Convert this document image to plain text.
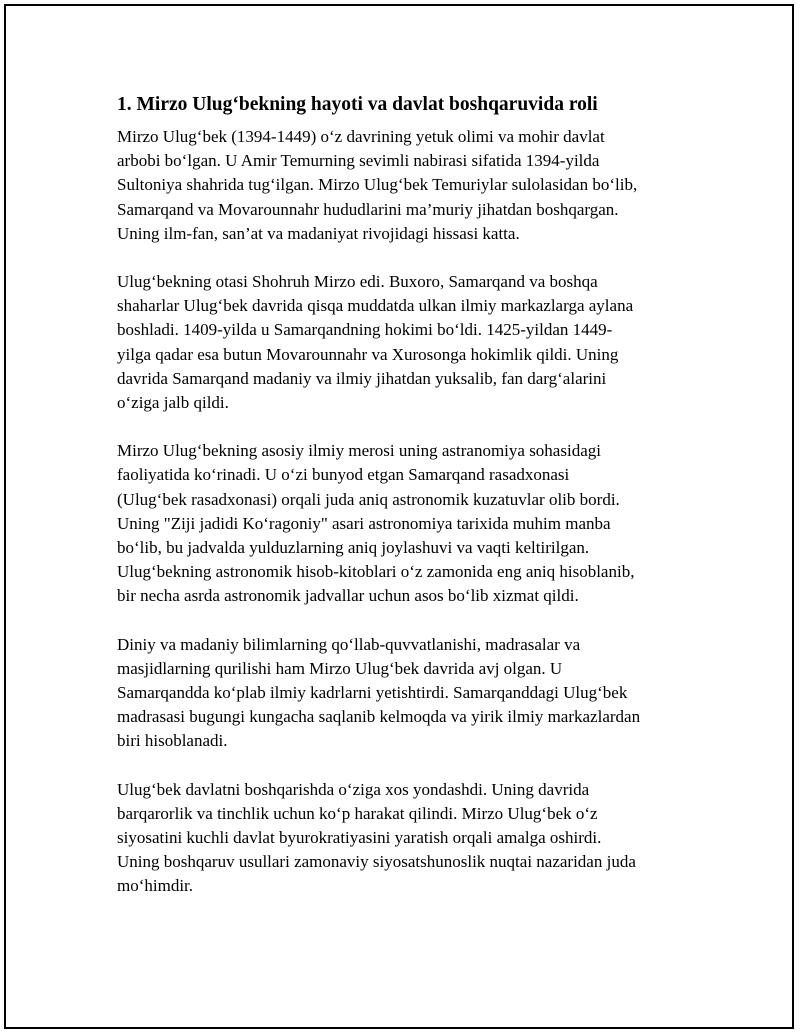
1. Mirzo Ulug‘bekning hayoti va davlat boshqaruvida roli

Mirzo Ulug‘bek (1394-1449) o‘z davrining yetuk olimi va mohir davlat
arbobi bo‘lgan. U Amir Temurning sevimli nabirasi sifatida 1394-yilda
Sultoniya shahrida tug‘ilgan. Mirzo Ulug‘bek Temuriylar sulolasidan bo‘lib,
Samarqand va Movarounnahr hududlarini ma’muriy jihatdan boshqargan.
Uning ilm-fan, san’at va madaniyat rivojidagi hissasi katta.

Ulug‘bekning otasi Shohruh Mirzo edi. Buxoro, Samarqand va boshqa
shaharlar Ulug‘bek davrida qisqa muddatda ulkan ilmiy markazlarga aylana
boshladi. 1409-yilda u Samarqandning hokimi bo‘ldi. 1425-yildan 1449-
yilga qadar esa butun Movarounnahr va Xurosonga hokimlik qildi. Uning
davrida Samarqand madaniy va ilmiy jihatdan yuksalib, fan darg‘alarini
o‘ziga jalb qildi.

Mirzo Ulug‘bekning asosiy ilmiy merosi uning astranomiya sohasidagi
faoliyatida ko‘rinadi. U o‘zi bunyod etgan Samarqand rasadxonasi
(Ulug‘bek rasadxonasi) orqali juda aniq astronomik kuzatuvlar olib bordi.
Uning "Ziji jadidi Ko‘ragoniy" asari astronomiya tarixida muhim manba
bo‘lib, bu jadvalda yulduzlarning aniq joylashuvi va vaqti keltirilgan.
Ulug‘bekning astronomik hisob-kitoblari o‘z zamonida eng aniq hisoblanib,
bir necha asrda astronomik jadvallar uchun asos bo‘lib xizmat qildi.

Diniy va madaniy bilimlarning qo‘llab-quvvatlanishi, madrasalar va
masjidlarning qurilishi ham Mirzo Ulug‘bek davrida avj olgan. U
Samarqandda ko‘plab ilmiy kadrlarni yetishtirdi. Samarqanddagi Ulug‘bek
madrasasi bugungi kungacha saqlanib kelmoqda va yirik ilmiy markazlardan
biri hisoblanadi.

Ulug‘bek davlatni boshqarishda o‘ziga xos yondashdi. Uning davrida
barqarorlik va tinchlik uchun ko‘p harakat qilindi. Mirzo Ulug‘bek o‘z
siyosatini kuchli davlat byurokratiyasini yaratish orqali amalga oshirdi.
Uning boshqaruv usullari zamonaviy siyosatshunoslik nuqtai nazaridan juda
mo‘himdir.
